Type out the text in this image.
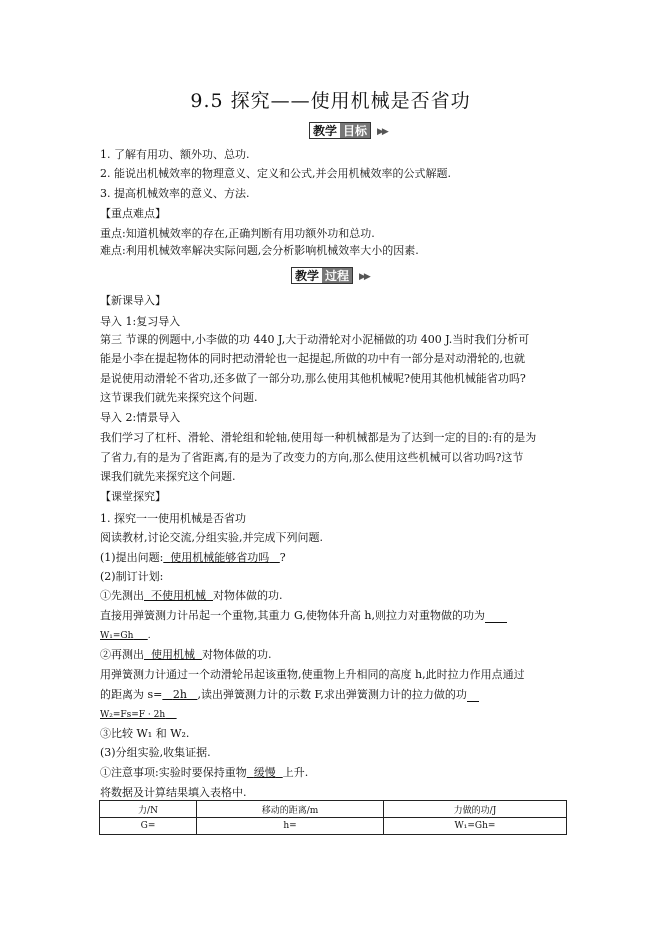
9.5 探究——使用机械是否省功
教学 目标	▶▶
1. 了解有用功、额外功、总功.
2. 能说出机械效率的物理意义、定义和公式,并会用机械效率的公式解题.
3. 提高机械效率的意义、方法.
【重点难点】
重点:知道机械效率的存在,正确判断有用功额外功和总功.
难点:利用机械效率解决实际问题,会分析影响机械效率大小的因素.
教学 过程	▶▶
【新课导入】
导入 1:复习导入
第三 节课的例题中,小李做的功 440 J,大于动滑轮对小泥桶做的功 400 J.当时我们分析可
能是小李在提起物体的同时把动滑轮也一起提起,所做的功中有一部分是对动滑轮的,也就
是说使用动滑轮不省功,还多做了一部分功,那么使用其他机械呢?使用其他机械能省功吗?
这节课我们就先来探究这个问题.
导入 2:情景导入
我们学习了杠杆、滑轮、滑轮组和轮轴,使用每一种机械都是为了达到一定的目的:有的是为
了省力,有的是为了省距离,有的是为了改变力的方向,那么使用这些机械可以省功吗?这节
课我们就先来探究这个问题.
【课堂探究】
1. 探究一一使用机械是否省功
阅读教材,讨论交流,分组实验,并完成下列问题.
(1)提出问题: 使用机械能够省功吗 ?
(2)制订计划:
①先测出 不使用机械 对物体做的功.
直接用弹簧测力计吊起一个重物,其重力 G,使物体升高 h,则拉力对重物做的功为
W₁=Gh .
②再测出 使用机械 对物体做的功.
用弹簧测力计通过一个动滑轮吊起该重物,使重物上升相同的高度 h,此时拉力作用点通过
的距离为 s= 2h ,读出弹簧测力计的示数 F,求出弹簧测力计的拉力做的功
W₂=Fs=F · 2h
③比较 W₁ 和 W₂.
(3)分组实验,收集证据.
①注意事项:实验时要保持重物 缓慢 上升.
将数据及计算结果填入表格中.
力/N	移动的距离/m	力做的功/J
G=	h=	W₁=Gh=
